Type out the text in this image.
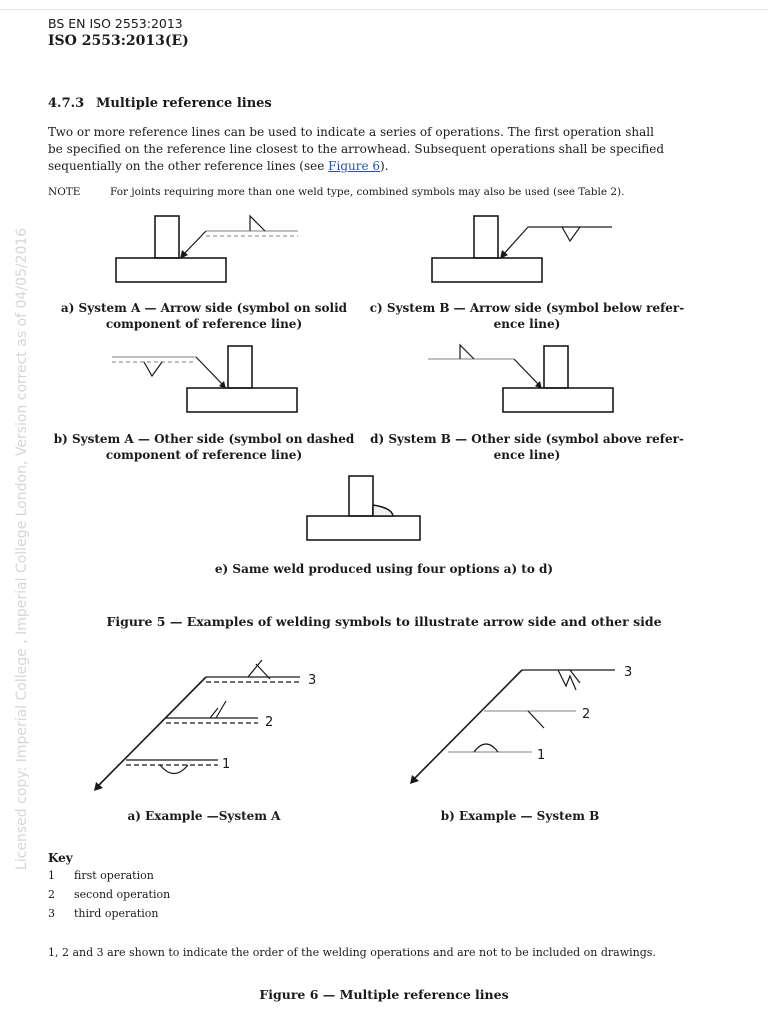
Licensed copy: Imperial College , Imperial College London, Version correct as of 04/05/2016
BS EN ISO 2553:2013
ISO 2553:2013(E)
4.7.3 Multiple reference lines
Two or more reference lines can be used to indicate a series of operations. The first operation shall
be specified on the reference line closest to the arrowhead. Subsequent operations shall be specified
sequentially on the other reference lines (see Figure 6).
NOTE	For joints requiring more than one weld type, combined symbols may also be used (see Table 2).
a) System A — Arrow side (symbol on solid
component of reference line)
c) System B — Arrow side (symbol below refer-
ence line)
b) System A — Other side (symbol on dashed
component of reference line)
d) System B — Other side (symbol above refer-
ence line)
e) Same weld produced using four options a) to d)
Figure 5 — Examples of welding symbols to illustrate arrow side and other side
3
2
1
3
2
1
a) Example —System A	b) Example — System B
Key
1 first operation
2 second operation
3 third operation
1, 2 and 3 are shown to indicate the order of the welding operations and are not to be included on drawings.
Figure 6 — Multiple reference lines
